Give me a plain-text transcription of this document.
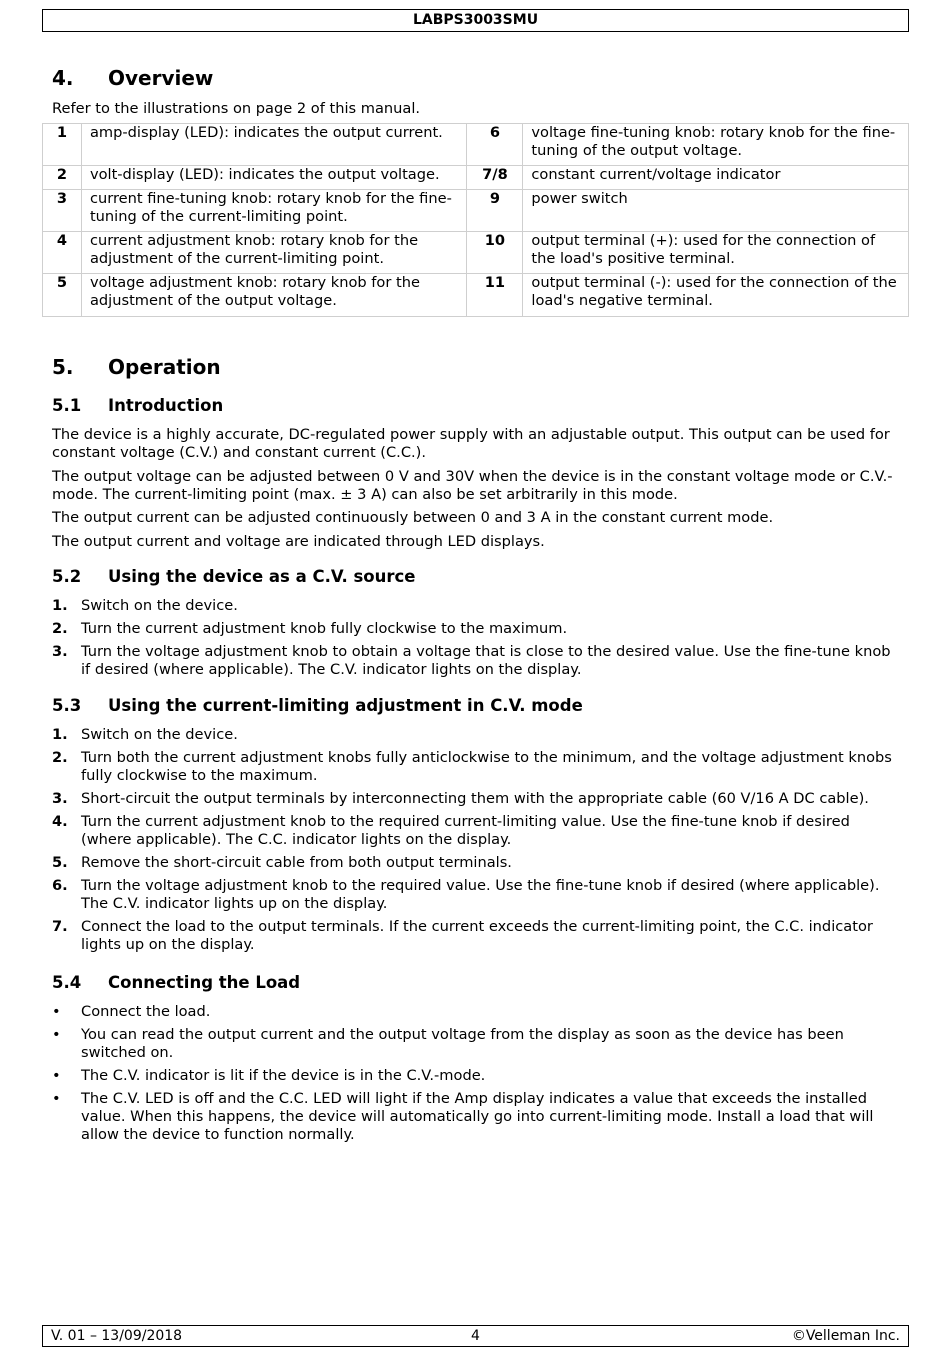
LABPS3003SMU
4. Overview
Refer to the illustrations on page 2 of this manual.
1	amp-display (LED): indicates the output current.	6	voltage fine-tuning knob: rotary knob for the fine-tuning of the output voltage.
2	volt-display (LED): indicates the output voltage.	7/8	constant current/voltage indicator
3	current fine-tuning knob: rotary knob for the fine-tuning of the current-limiting point.	9	power switch
4	current adjustment knob: rotary knob for the adjustment of the current-limiting point.	10	output terminal (+): used for the connection of the load's positive terminal.
5	voltage adjustment knob: rotary knob for the adjustment of the output voltage.	11	output terminal (-): used for the connection of the load's negative terminal.
5. Operation
5.1 Introduction
The device is a highly accurate, DC-regulated power supply with an adjustable output. This output can be used for constant voltage (C.V.) and constant current (C.C.).
The output voltage can be adjusted between 0 V and 30V when the device is in the constant voltage mode or C.V.-mode. The current-limiting point (max. ± 3 A) can also be set arbitrarily in this mode.
The output current can be adjusted continuously between 0 and 3 A in the constant current mode.
The output current and voltage are indicated through LED displays.
5.2 Using the device as a C.V. source
1. Switch on the device.
2. Turn the current adjustment knob fully clockwise to the maximum.
3. Turn the voltage adjustment knob to obtain a voltage that is close to the desired value. Use the fine-tune knob if desired (where applicable). The C.V. indicator lights on the display.
5.3 Using the current-limiting adjustment in C.V. mode
1. Switch on the device.
2. Turn both the current adjustment knobs fully anticlockwise to the minimum, and the voltage adjustment knobs fully clockwise to the maximum.
3. Short-circuit the output terminals by interconnecting them with the appropriate cable (60 V/16 A DC cable).
4. Turn the current adjustment knob to the required current-limiting value. Use the fine-tune knob if desired (where applicable). The C.C. indicator lights on the display.
5. Remove the short-circuit cable from both output terminals.
6. Turn the voltage adjustment knob to the required value. Use the fine-tune knob if desired (where applicable). The C.V. indicator lights up on the display.
7. Connect the load to the output terminals. If the current exceeds the current-limiting point, the C.C. indicator lights up on the display.
5.4 Connecting the Load
•	Connect the load.
•	You can read the output current and the output voltage from the display as soon as the device has been switched on.
•	The C.V. indicator is lit if the device is in the C.V.-mode.
•	The C.V. LED is off and the C.C. LED will light if the Amp display indicates a value that exceeds the installed value. When this happens, the device will automatically go into current-limiting mode. Install a load that will allow the device to function normally.
V. 01 – 13/09/2018	4	©Velleman Inc.
